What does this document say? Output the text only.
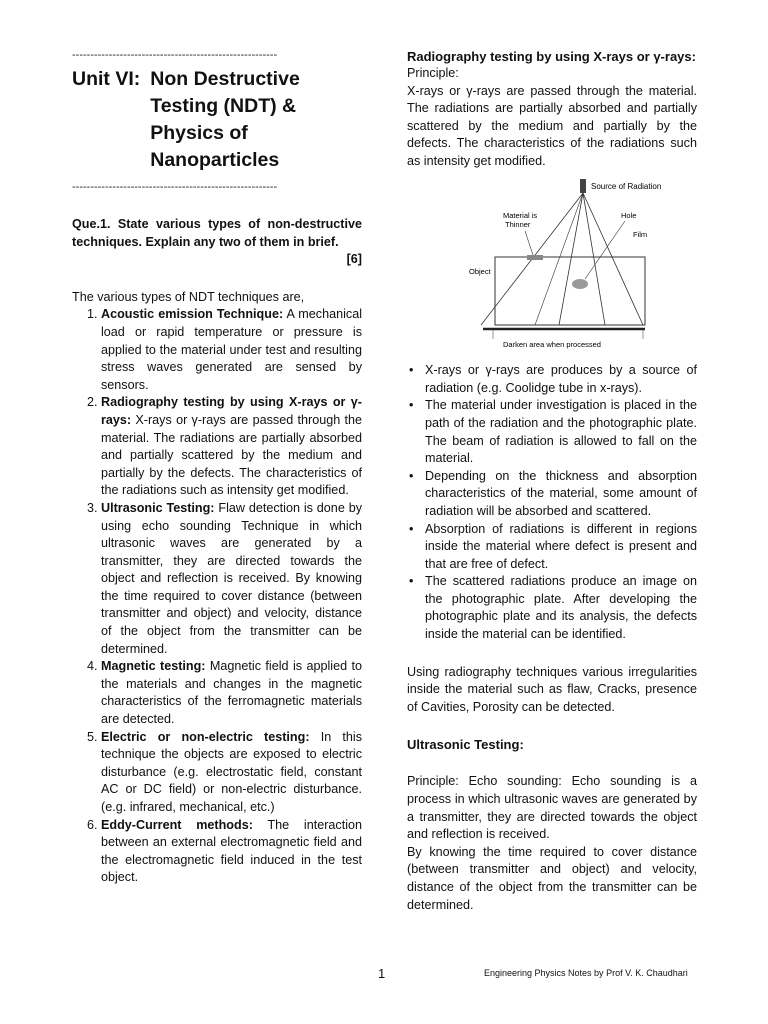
--------------------------------------------------------
Unit VI: Non Destructive Testing (NDT) & Physics of Nanoparticles
--------------------------------------------------------
Que.1. State various types of non-destructive techniques. Explain any two of them in brief.
[6]
The various types of NDT techniques are,
1. Acoustic emission Technique: A mechanical load or rapid temperature or pressure is applied to the material under test and resulting stress waves generated are sensed by sensors.
2. Radiography testing by using X-rays or γ-rays: X-rays or γ-rays are passed through the material. The radiations are partially absorbed and partially scattered by the medium and partially by the defects. The characteristics of the radiations such as intensity get modified.
3. Ultrasonic Testing: Flaw detection is done by using echo sounding Technique in which ultrasonic waves are generated by a transmitter, they are directed towards the object and reflection is received. By knowing the time required to cover distance (between transmitter and object) and velocity, distance of the object from the transmitter can be determined.
4. Magnetic testing: Magnetic field is applied to the materials and changes in the magnetic characteristics of the ferromagnetic materials are detected.
5. Electric or non-electric testing: In this technique the objects are exposed to electric disturbance (e.g. electrostatic field, constant AC or DC field) or non-electric disturbance. (e.g. infrared, mechanical, etc.)
6. Eddy-Current methods: The interaction between an external electromagnetic field and the electromagnetic field induced in the test object.
Radiography testing by using X-rays or γ-rays:
Principle:
X-rays or γ-rays are passed through the material. The radiations are partially absorbed and partially scattered by the medium and partially by the defects. The characteristics of the radiations such as intensity get modified.
Source of Radiation
Material is
Thinner
Hole
Film
Object
Darken area when processed
• X-rays or γ-rays are produces by a source of radiation (e.g. Coolidge tube in x-rays).
• The material under investigation is placed in the path of the radiation and the photographic plate. The beam of radiation is allowed to fall on the material.
• Depending on the thickness and absorption characteristics of the material, some amount of radiation will be absorbed and scattered.
• Absorption of radiations is different in regions inside the material where defect is present and that are free of defect.
• The scattered radiations produce an image on the photographic plate. After developing the photographic plate and its analysis, the defects inside the material can be identified.
Using radiography techniques various irregularities inside the material such as flaw, Cracks, presence of Cavities, Porosity can be detected.
Ultrasonic Testing:
Principle: Echo sounding: Echo sounding is a process in which ultrasonic waves are generated by a transmitter, they are directed towards the object and reflection is received.
By knowing the time required to cover distance (between transmitter and object) and velocity, distance of the object from the transmitter can be determined.
1	Engineering Physics Notes by Prof V. K. Chaudhari
